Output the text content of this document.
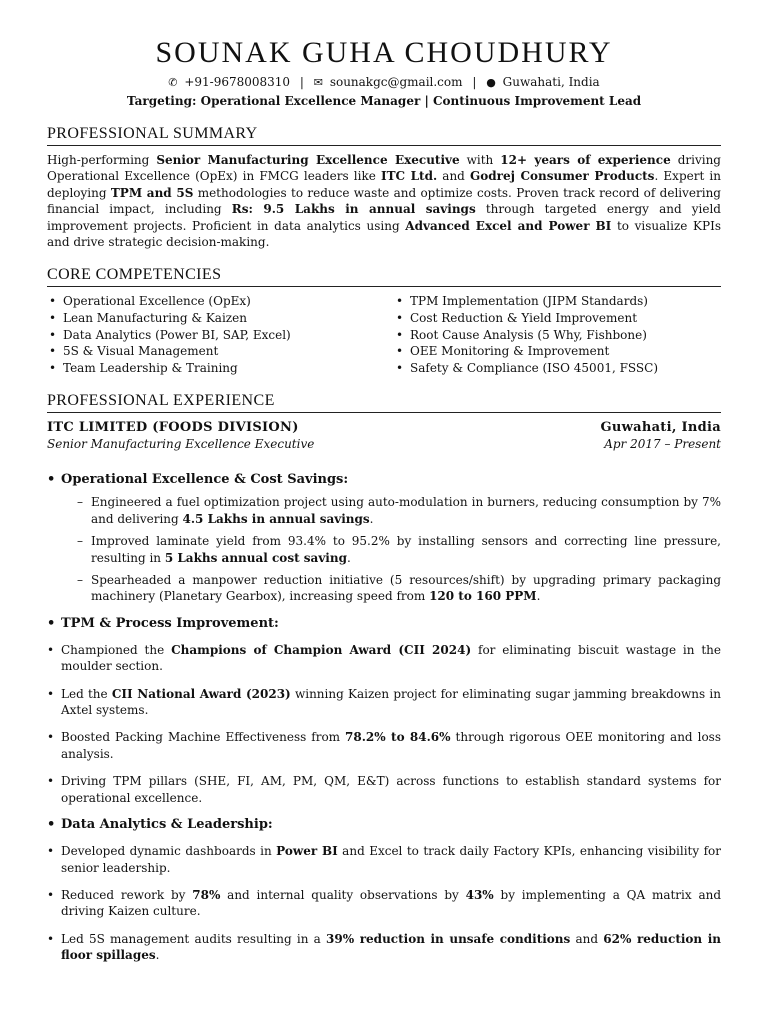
SOUNAK GUHA CHOUDHURY
✆ +91-9678008310 | ✉ sounakgc@gmail.com | ● Guwahati, India
Targeting: Operational Excellence Manager | Continuous Improvement Lead
PROFESSIONAL SUMMARY

High-performing Senior Manufacturing Excellence Executive with 12+ years of experience driving Operational Excellence (OpEx) in FMCG leaders like ITC Ltd. and Godrej Consumer Products. Expert in deploying TPM and 5S methodologies to reduce waste and optimize costs. Proven track record of delivering financial impact, including Rs: 9.5 Lakhs in annual savings through targeted energy and yield improvement projects. Proficient in data analytics using Advanced Excel and Power BI to visualize KPIs and drive strategic decision-making.

CORE COMPETENCIES
• Operational Excellence (OpEx)
• Lean Manufacturing & Kaizen
• Data Analytics (Power BI, SAP, Excel)
• 5S & Visual Management
• Team Leadership & Training
• TPM Implementation (JIPM Standards)
• Cost Reduction & Yield Improvement
• Root Cause Analysis (5 Why, Fishbone)
• OEE Monitoring & Improvement
• Safety & Compliance (ISO 45001, FSSC)
PROFESSIONAL EXPERIENCE
ITC LIMITED (FOODS DIVISION)	Guwahati, India
Senior Manufacturing Excellence Executive	Apr 2017 – Present
• Operational Excellence & Cost Savings:
– Engineered a fuel optimization project using auto-modulation in burners, reducing consumption by 7% and delivering 4.5 Lakhs in annual savings.
– Improved laminate yield from 93.4% to 95.2% by installing sensors and correcting line pressure, resulting in 5 Lakhs annual cost saving.
– Spearheaded a manpower reduction initiative (5 resources/shift) by upgrading primary packaging machinery (Planetary Gearbox), increasing speed from 120 to 160 PPM.
• TPM & Process Improvement:
• Championed the Champions of Champion Award (CII 2024) for eliminating biscuit wastage in the moulder section.
• Led the CII National Award (2023) winning Kaizen project for eliminating sugar jamming breakdowns in Axtel systems.
• Boosted Packing Machine Effectiveness from 78.2% to 84.6% through rigorous OEE monitoring and loss analysis.
• Driving TPM pillars (SHE, FI, AM, PM, QM, E&T) across functions to establish standard systems for operational excellence.
• Data Analytics & Leadership:
• Developed dynamic dashboards in Power BI and Excel to track daily Factory KPIs, enhancing visibility for senior leadership.
• Reduced rework by 78% and internal quality observations by 43% by implementing a QA matrix and driving Kaizen culture.
• Led 5S management audits resulting in a 39% reduction in unsafe conditions and 62% reduction in floor spillages.
